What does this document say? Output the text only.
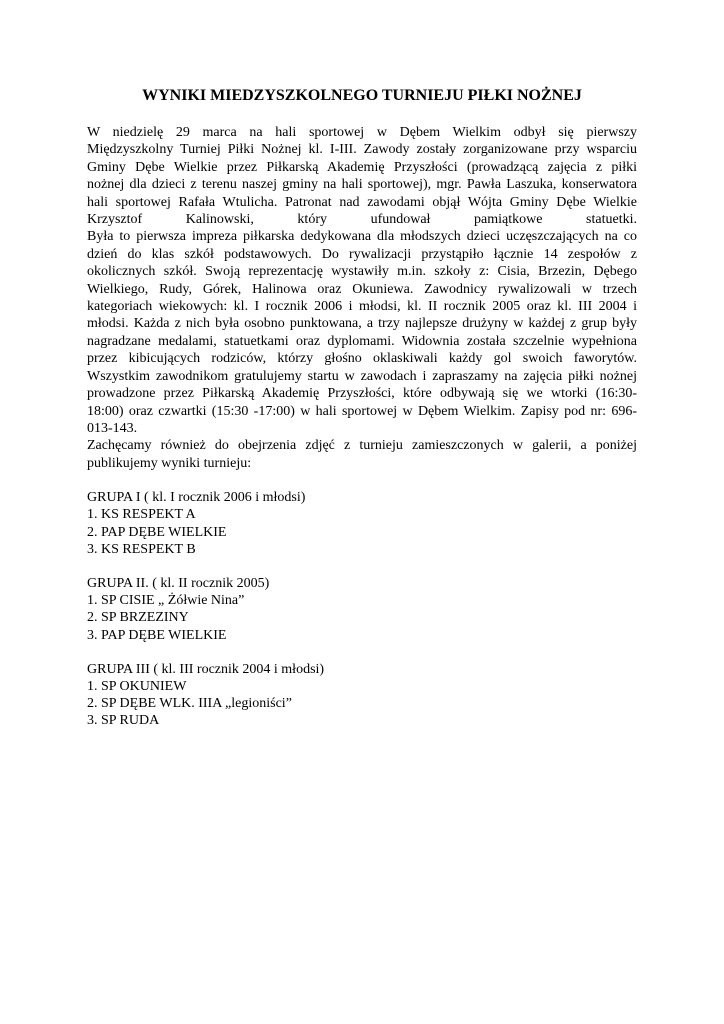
WYNIKI MIEDZYSZKOLNEGO TURNIEJU PIŁKI NOŻNEJ
W niedzielę 29 marca na hali sportowej w Dębem Wielkim odbył się pierwszy
Międzyszkolny Turniej Piłki Nożnej kl. I-III. Zawody zostały zorganizowane przy wsparciu
Gminy Dębe Wielkie przez Piłkarską Akademię Przyszłości (prowadzącą zajęcia z piłki
nożnej dla dzieci z terenu naszej gminy na hali sportowej), mgr. Pawła Laszuka, konserwatora
hali sportowej Rafała Wtulicha. Patronat nad zawodami objął Wójta Gminy Dębe Wielkie
Krzysztof Kalinowski, który ufundował pamiątkowe statuetki.
Była to pierwsza impreza piłkarska dedykowana dla młodszych dzieci uczęszczających na co
dzień do klas szkół podstawowych. Do rywalizacji przystąpiło łącznie 14 zespołów z
okolicznych szkół. Swoją reprezentację wystawiły m.in. szkoły z: Cisia, Brzezin, Dębego
Wielkiego, Rudy, Górek, Halinowa oraz Okuniewa. Zawodnicy rywalizowali w trzech
kategoriach wiekowych: kl. I rocznik 2006 i młodsi, kl. II rocznik 2005 oraz kl. III 2004 i
młodsi. Każda z nich była osobno punktowana, a trzy najlepsze drużyny w każdej z grup były
nagradzane medalami, statuetkami oraz dyplomami. Widownia została szczelnie wypełniona
przez kibicujących rodziców, którzy głośno oklaskiwali każdy gol swoich faworytów.
Wszystkim zawodnikom gratulujemy startu w zawodach i zapraszamy na zajęcia piłki nożnej
prowadzone przez Piłkarską Akademię Przyszłości, które odbywają się we wtorki (16:30-
18:00) oraz czwartki (15:30 -17:00) w hali sportowej w Dębem Wielkim. Zapisy pod nr: 696-
013-143.
Zachęcamy również do obejrzenia zdjęć z turnieju zamieszczonych w galerii, a poniżej
publikujemy wyniki turnieju:
GRUPA I ( kl. I rocznik 2006 i młodsi)
1. KS RESPEKT A
2. PAP DĘBE WIELKIE
3. KS RESPEKT B
GRUPA II. ( kl. II rocznik 2005)
1. SP CISIE „ Żółwie Nina”
2. SP BRZEZINY
3. PAP DĘBE WIELKIE
GRUPA III ( kl. III rocznik 2004 i młodsi)
1. SP OKUNIEW
2. SP DĘBE WLK. IIIA „legioniści”
3. SP RUDA
